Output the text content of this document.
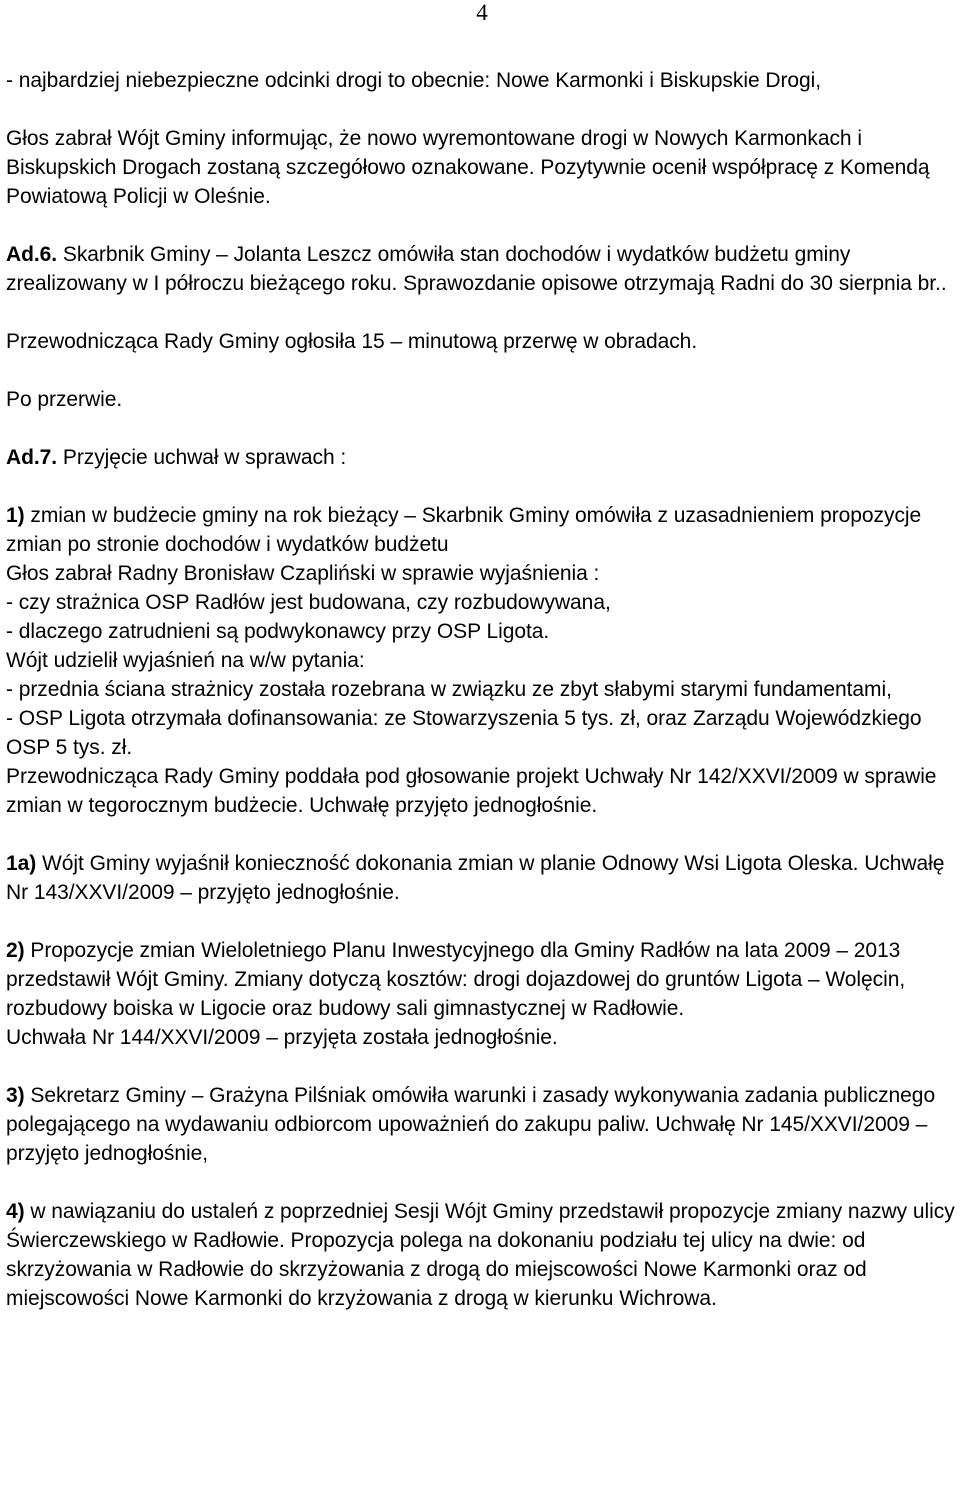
4

- najbardziej niebezpieczne odcinki drogi to obecnie: Nowe Karmonki i Biskupskie Drogi,

Głos zabrał Wójt Gminy informując, że nowo wyremontowane drogi w Nowych Karmonkach i Biskupskich Drogach zostaną szczegółowo oznakowane. Pozytywnie ocenił współpracę z Komendą Powiatową Policji w Oleśnie.

Ad.6. Skarbnik Gminy – Jolanta Leszcz omówiła stan dochodów i wydatków budżetu gminy zrealizowany w I półroczu bieżącego roku. Sprawozdanie opisowe otrzymają Radni do 30 sierpnia br..

Przewodnicząca Rady Gminy ogłosiła 15 – minutową przerwę w obradach.

Po przerwie.

Ad.7. Przyjęcie uchwał w sprawach :

1) zmian w budżecie gminy na rok bieżący – Skarbnik Gminy omówiła z uzasadnieniem propozycje zmian po stronie dochodów i wydatków budżetu

Głos zabrał Radny Bronisław Czapliński w sprawie wyjaśnienia :

- czy strażnica OSP Radłów jest budowana, czy rozbudowywana,

- dlaczego zatrudnieni są podwykonawcy przy OSP Ligota.

Wójt udzielił wyjaśnień na w/w pytania:

- przednia ściana strażnicy została rozebrana w związku ze zbyt słabymi starymi fundamentami,

- OSP Ligota otrzymała dofinansowania: ze Stowarzyszenia 5 tys. zł, oraz Zarządu Wojewódzkiego OSP 5 tys. zł.

Przewodnicząca Rady Gminy poddała pod głosowanie projekt Uchwały Nr 142/XXVI/2009 w sprawie zmian w tegorocznym budżecie. Uchwałę przyjęto jednogłośnie.

1a) Wójt Gminy wyjaśnił konieczność dokonania zmian w planie Odnowy Wsi Ligota Oleska. Uchwałę Nr 143/XXVI/2009 – przyjęto jednogłośnie.

2) Propozycje zmian Wieloletniego Planu Inwestycyjnego dla Gminy Radłów na lata 2009 – 2013 przedstawił Wójt Gminy. Zmiany dotyczą kosztów: drogi dojazdowej do gruntów Ligota – Wolęcin, rozbudowy boiska w Ligocie oraz budowy sali gimnastycznej w Radłowie.

Uchwała Nr 144/XXVI/2009 – przyjęta została jednogłośnie.

3) Sekretarz Gminy – Grażyna Pilśniak omówiła warunki i zasady wykonywania zadania publicznego polegającego na wydawaniu odbiorcom upoważnień do zakupu paliw. Uchwałę Nr 145/XXVI/2009 – przyjęto jednogłośnie,

4) w nawiązaniu do ustaleń z poprzedniej Sesji Wójt Gminy przedstawił propozycje zmiany nazwy ulicy Świerczewskiego w Radłowie. Propozycja polega na dokonaniu podziału tej ulicy na dwie: od skrzyżowania w Radłowie do skrzyżowania z drogą do miejscowości Nowe Karmonki oraz od miejscowości Nowe Karmonki do krzyżowania z drogą w kierunku Wichrowa.
